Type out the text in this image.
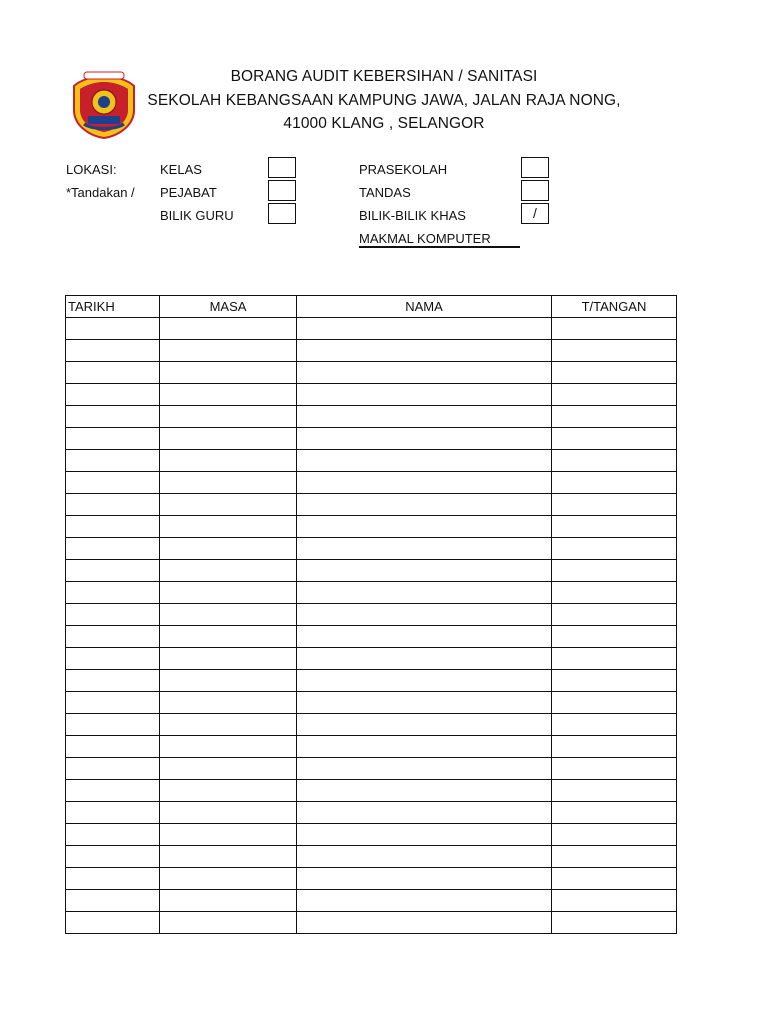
BORANG AUDIT KEBERSIHAN / SANITASI
SEKOLAH KEBANGSAAN KAMPUNG JAWA, JALAN RAJA NONG,
41000 KLANG , SELANGOR
LOKASI:
*Tandakan /
KELAS
PEJABAT
BILIK GURU
PRASEKOLAH
TANDAS
BILIK-BILIK KHAS	/
MAKMAL KOMPUTER
TARIKH	MASA	NAMA	T/TANGAN
